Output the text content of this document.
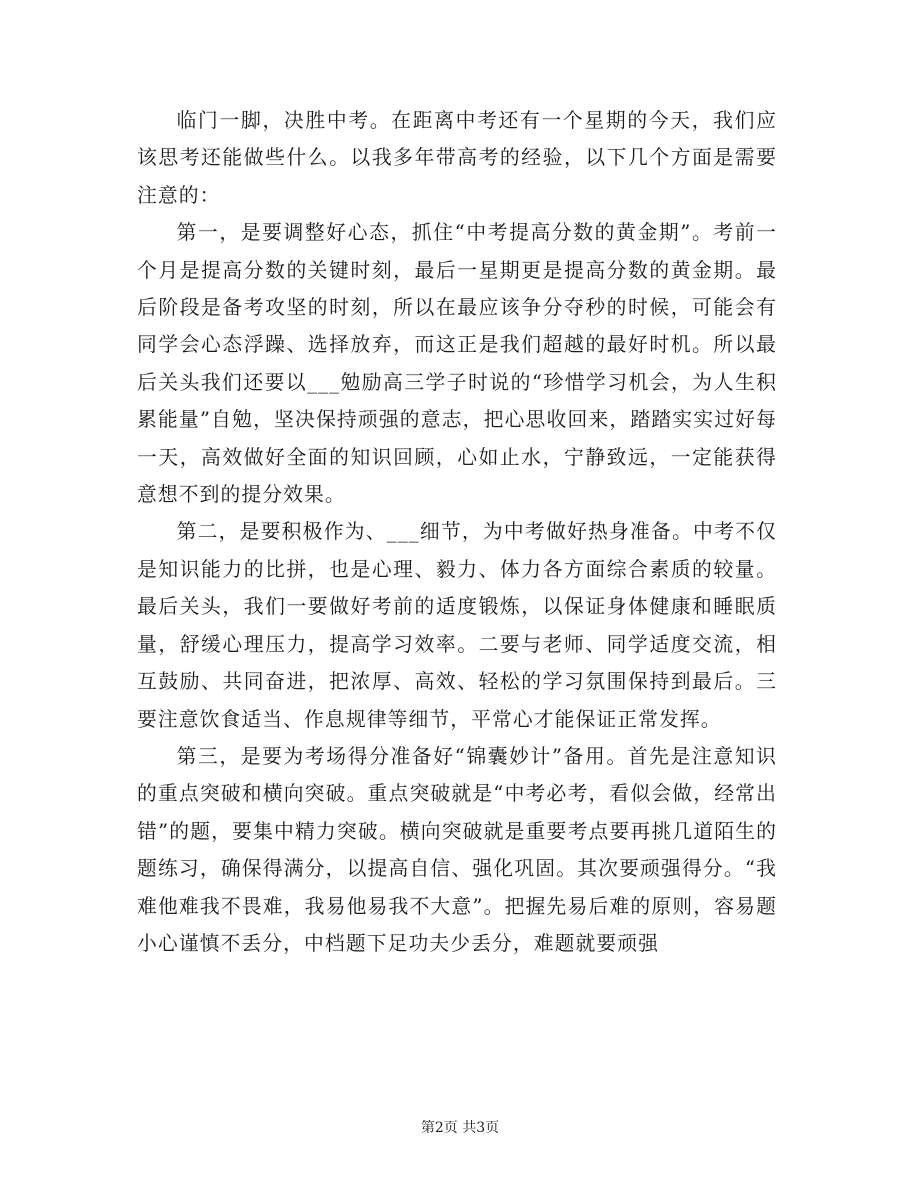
临门一脚，决胜中考。在距离中考还有一个星期的今天，我们应该思考还能做些什么。以我多年带高考的经验，以下几个方面是需要注意的：

第一，是要调整好心态，抓住“中考提高分数的黄金期”。考前一个月是提高分数的关键时刻，最后一星期更是提高分数的黄金期。最后阶段是备考攻坚的时刻，所以在最应该争分夺秒的时候，可能会有同学会心态浮躁、选择放弃，而这正是我们超越的最好时机。所以最后关头我们还要以___勉励高三学子时说的“珍惜学习机会，为人生积累能量”自勉，坚决保持顽强的意志，把心思收回来，踏踏实实过好每一天，高效做好全面的知识回顾，心如止水，宁静致远，一定能获得意想不到的提分效果。

第二，是要积极作为、___细节，为中考做好热身准备。中考不仅是知识能力的比拼，也是心理、毅力、体力各方面综合素质的较量。最后关头，我们一要做好考前的适度锻炼，以保证身体健康和睡眠质量，舒缓心理压力，提高学习效率。二要与老师、同学适度交流，相互鼓励、共同奋进，把浓厚、高效、轻松的学习氛围保持到最后。三要注意饮食适当、作息规律等细节，平常心才能保证正常发挥。

第三，是要为考场得分准备好“锦囊妙计”备用。首先是注意知识的重点突破和横向突破。重点突破就是“中考必考，看似会做，经常出错”的题，要集中精力突破。横向突破就是重要考点要再挑几道陌生的题练习，确保得满分，以提高自信、强化巩固。其次要顽强得分。“我难他难我不畏难，我易他易我不大意”。把握先易后难的原则，容易题小心谨慎不丢分，中档题下足功夫少丢分，难题就要顽强

第2页 共3页
